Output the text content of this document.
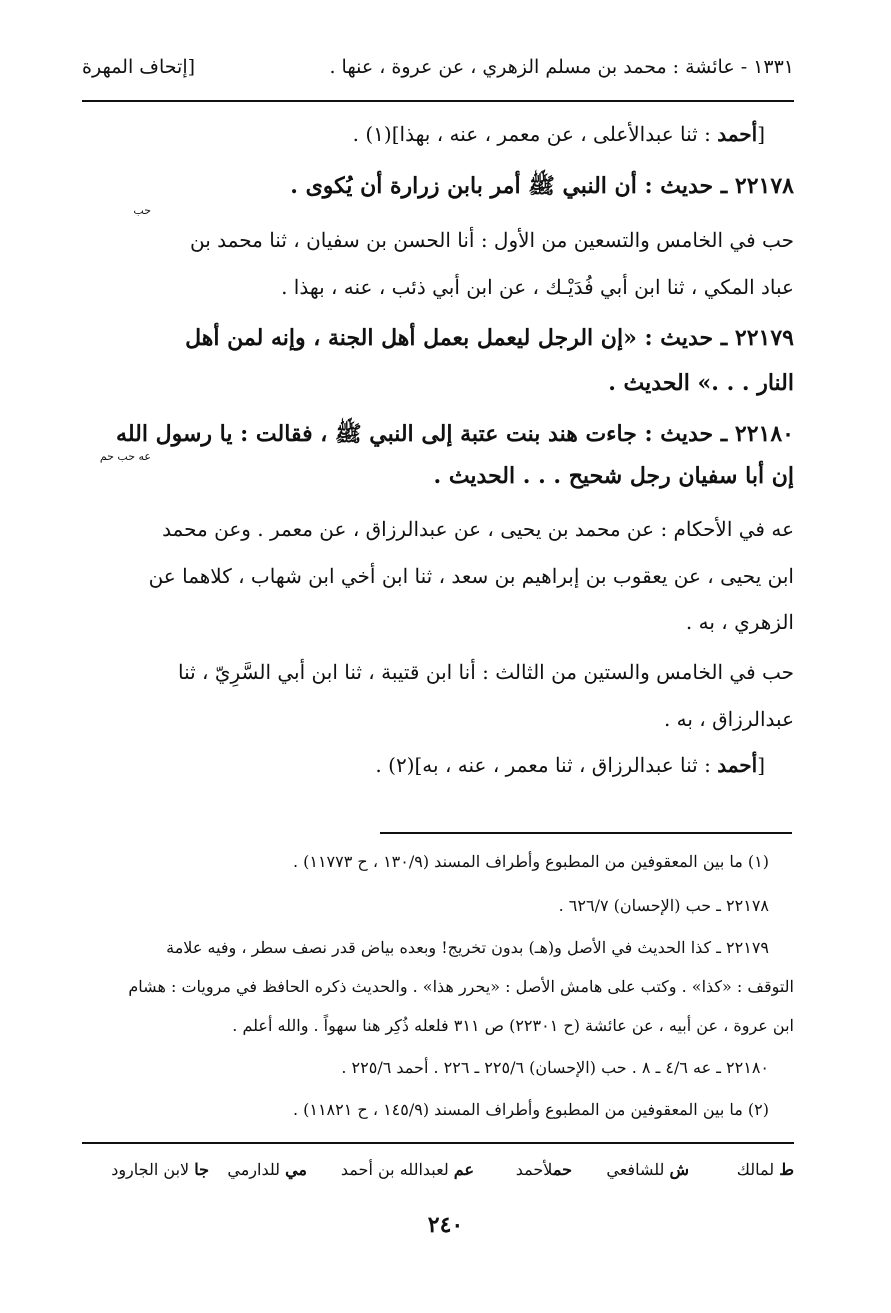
١٣٣١ - عائشة : محمد بن مسلم الزهري ، عن عروة ، عنها .
[إتحاف المهرة
[أحمد : ثنا عبدالأعلى ، عن معمر ، عنه ، بهذا](١) .
٢٢١٧٨ ـ حديث : أن النبي ﷺ أمر بابن زرارة أن يُكوى .
حب
حب في الخامس والتسعين من الأول : أنا الحسن بن سفيان ، ثنا محمد بن
عباد المكي ، ثنا ابن أبي فُدَيْـك ، عن ابن أبي ذئب ، عنه ، بهذا .
٢٢١٧٩ ـ حديث : «إن الرجل ليعمل بعمل أهل الجنة ، وإنه لمن أهل
النار . . .» الحديث .
٢٢١٨٠ ـ حديث : جاءت هند بنت عتبة إلى النبي ﷺ ، فقالت : يا رسول الله
عه حب حم
إن أبا سفيان رجل شحيح . . . الحديث .
عه في الأحكام : عن محمد بن يحيى ، عن عبدالرزاق ، عن معمر . وعن محمد
ابن يحيى ، عن يعقوب بن إبراهيم بن سعد ، ثنا ابن أخي ابن شهاب ، كلاهما عن
الزهري ، به .
حب في الخامس والستين من الثالث : أنا ابن قتيبة ، ثنا ابن أبي السَّرِيّ ، ثنا
عبدالرزاق ، به .
[أحمد : ثنا عبدالرزاق ، ثنا معمر ، عنه ، به](٢) .
(١) ما بين المعقوفين من المطبوع وأطراف المسند (١٣٠/٩ ، ح ١١٧٧٣) .
٢٢١٧٨ ـ حب (الإحسان) ٦٢٦/٧ .
٢٢١٧٩ ـ كذا الحديث في الأصل و(هـ) بدون تخريج! وبعده بياض قدر نصف سطر ، وفيه علامة
التوقف : «كذا» . وكتب على هامش الأصل : «يحرر هذا» . والحديث ذكره الحافظ في مرويات : هشام
ابن عروة ، عن أبيه ، عن عائشة (ح ٢٢٣٠١) ص ٣١١ فلعله ذُكِر هنا سهواً . والله أعلم .
٢٢١٨٠ ـ عه ٤/٦ ـ ٨ . حب (الإحسان) ٢٢٥/٦ ـ ٢٢٦ . أحمد ٢٢٥/٦ .
(٢) ما بين المعقوفين من المطبوع وأطراف المسند (١٤٥/٩ ، ح ١١٨٢١) .
ط لمالك
ش للشافعي
حملأحمد
عم لعبدالله بن أحمد
مي للدارمي
جا لابن الجارود
٢٤٠
